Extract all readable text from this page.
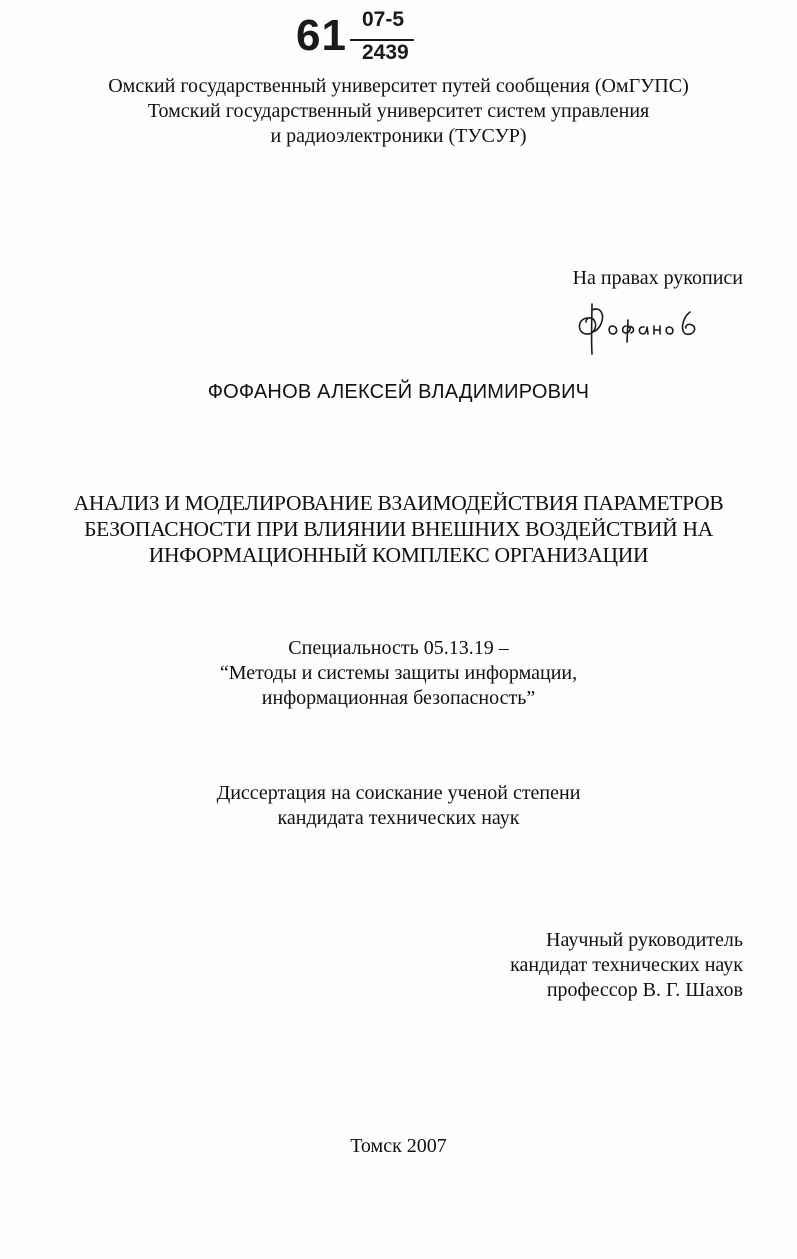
61 07-5
2439
Омский государственный университет путей сообщения (ОмГУПС)
Томский государственный университет систем управления
и радиоэлектроники (ТУСУР)
На правах рукописи
ФОФАНОВ АЛЕКСЕЙ ВЛАДИМИРОВИЧ
АНАЛИЗ И МОДЕЛИРОВАНИЕ ВЗАИМОДЕЙСТВИЯ ПАРАМЕТРОВ
БЕЗОПАСНОСТИ ПРИ ВЛИЯНИИ ВНЕШНИХ ВОЗДЕЙСТВИЙ НА
ИНФОРМАЦИОННЫЙ КОМПЛЕКС ОРГАНИЗАЦИИ
Специальность 05.13.19 –
“Методы и системы защиты информации,
информационная безопасность”
Диссертация на соискание ученой степени
кандидата технических наук
Научный руководитель
кандидат технических наук
профессор В. Г. Шахов
Томск 2007
